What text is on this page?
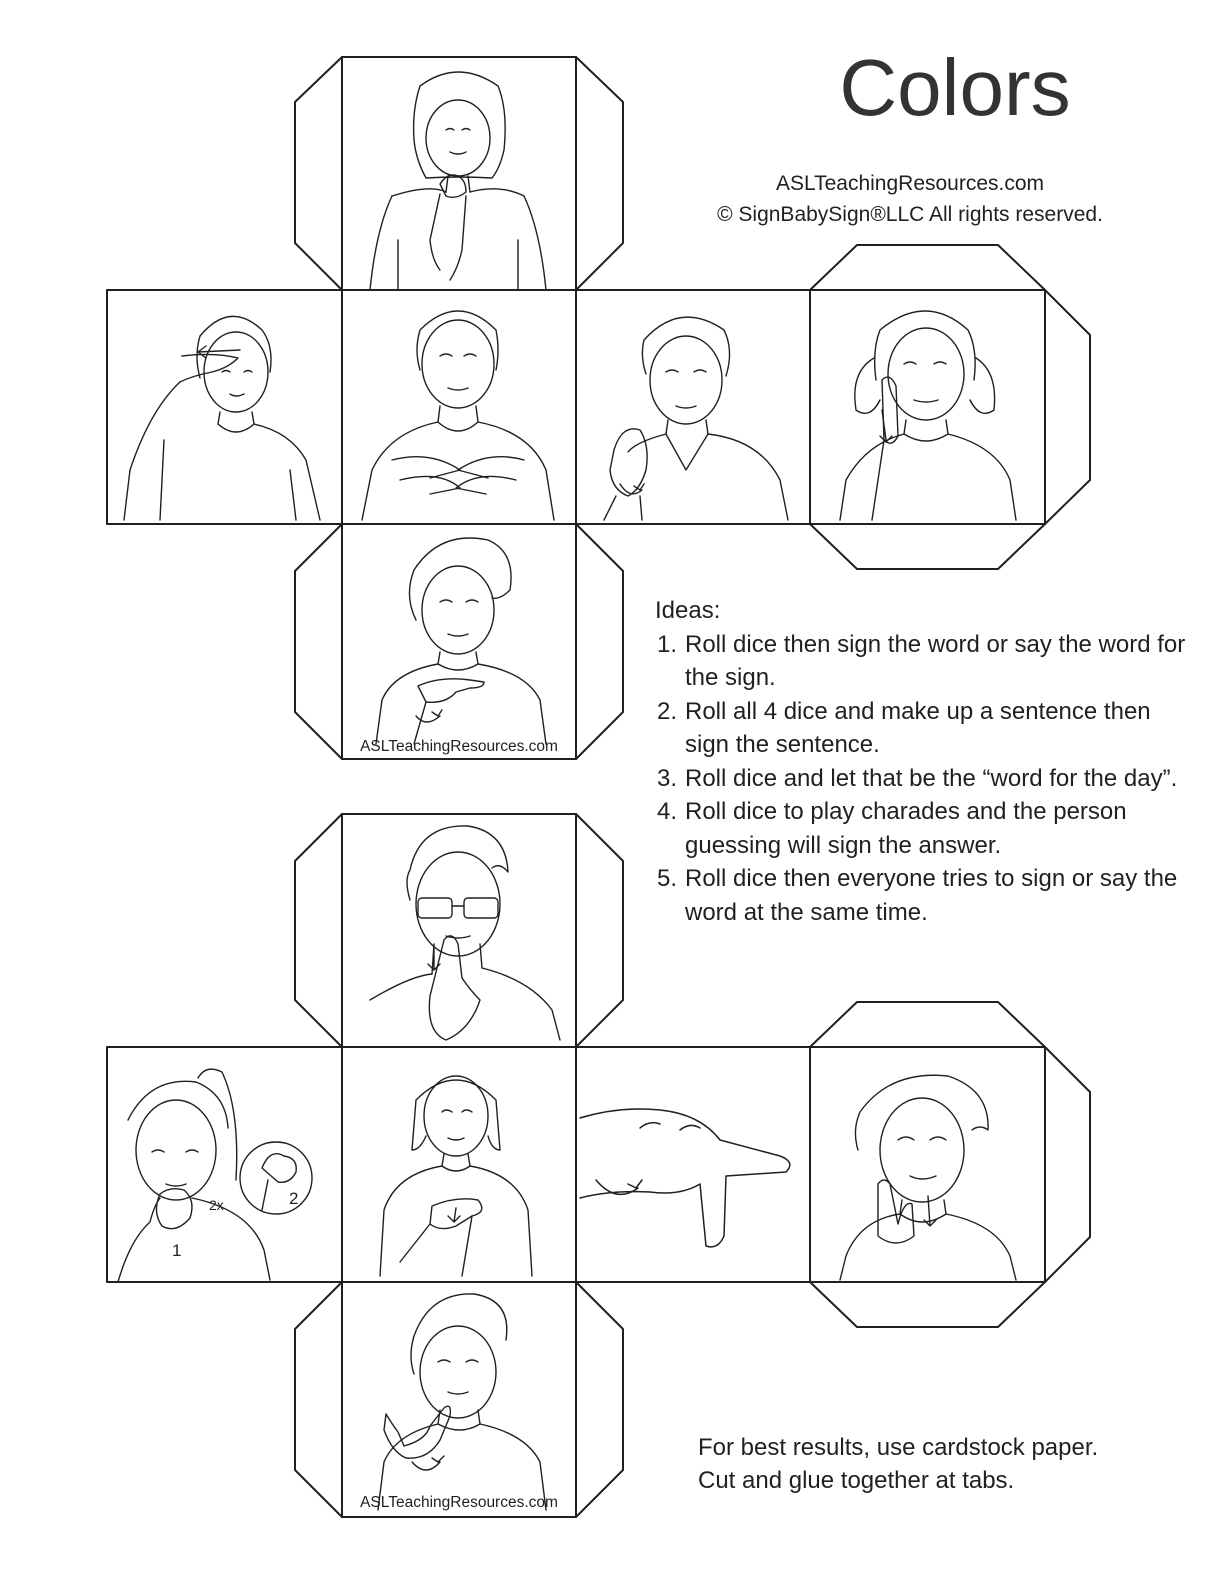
2x
1
2
Colors
ASLTeachingResources.com
© SignBabySign®LLC All rights reserved.
ASLTeachingResources.com
ASLTeachingResources.com

Ideas:

1. Roll dice then sign the word or say the word for the sign.
2. Roll all 4 dice and make up a sentence then sign the sentence.
3. Roll dice and let that be the “word for the day”.
4. Roll dice to play charades and the person guessing will sign the answer.
5. Roll dice then everyone tries to sign or say the word at the same time.
For best results, use cardstock paper.
Cut and glue together at tabs.
